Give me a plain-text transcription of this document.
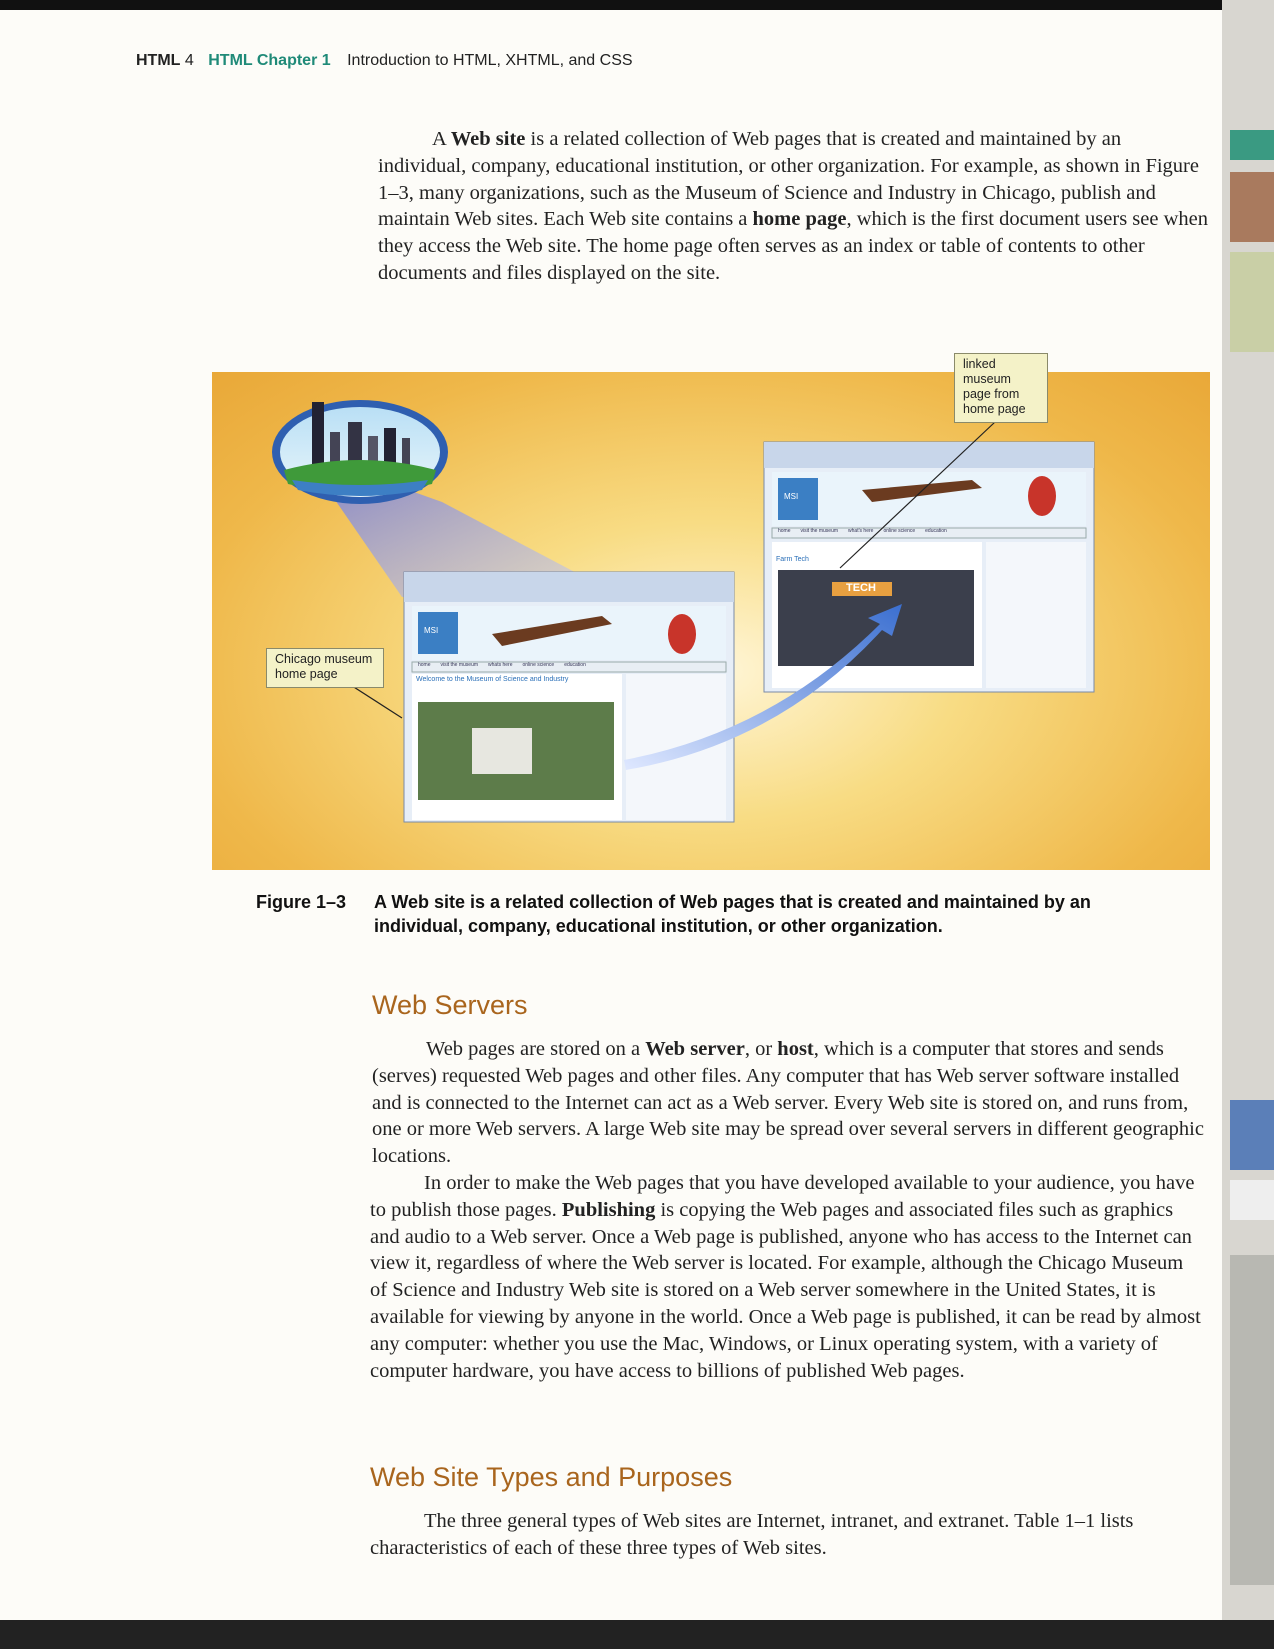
HTML 4 HTML Chapter 1 Introduction to HTML, XHTML, and CSS
A Web site is a related collection of Web pages that is created and maintained by an individual, company, educational institution, or other organization. For example, as shown in Figure 1–3, many organizations, such as the Museum of Science and Industry in Chicago, publish and maintain Web sites. Each Web site contains a home page, which is the first document users see when they access the Web site. The home page often serves as an index or table of contents to other documents and files displayed on the site.
Welcome to the Museum of Science and Industry
Farm Tech
TECH
MSI
MSI
home visit the museum whats here online science education
home visit the museum what's here online science education
linked museum page from home page
Chicago museum home page
Figure 1–3 A Web site is a related collection of Web pages that is created and maintained by an individual, company, educational institution, or other organization.
Web Servers
Web pages are stored on a Web server, or host, which is a computer that stores and sends (serves) requested Web pages and other files. Any computer that has Web server software installed and is connected to the Internet can act as a Web server. Every Web site is stored on, and runs from, one or more Web servers. A large Web site may be spread over several servers in different geographic locations.
In order to make the Web pages that you have developed available to your audience, you have to publish those pages. Publishing is copying the Web pages and associated files such as graphics and audio to a Web server. Once a Web page is published, anyone who has access to the Internet can view it, regardless of where the Web server is located. For example, although the Chicago Museum of Science and Industry Web site is stored on a Web server somewhere in the United States, it is available for viewing by anyone in the world. Once a Web page is published, it can be read by almost any computer: whether you use the Mac, Windows, or Linux operating system, with a variety of computer hardware, you have access to billions of published Web pages.
Web Site Types and Purposes
The three general types of Web sites are Internet, intranet, and extranet. Table 1–1 lists characteristics of each of these three types of Web sites.
